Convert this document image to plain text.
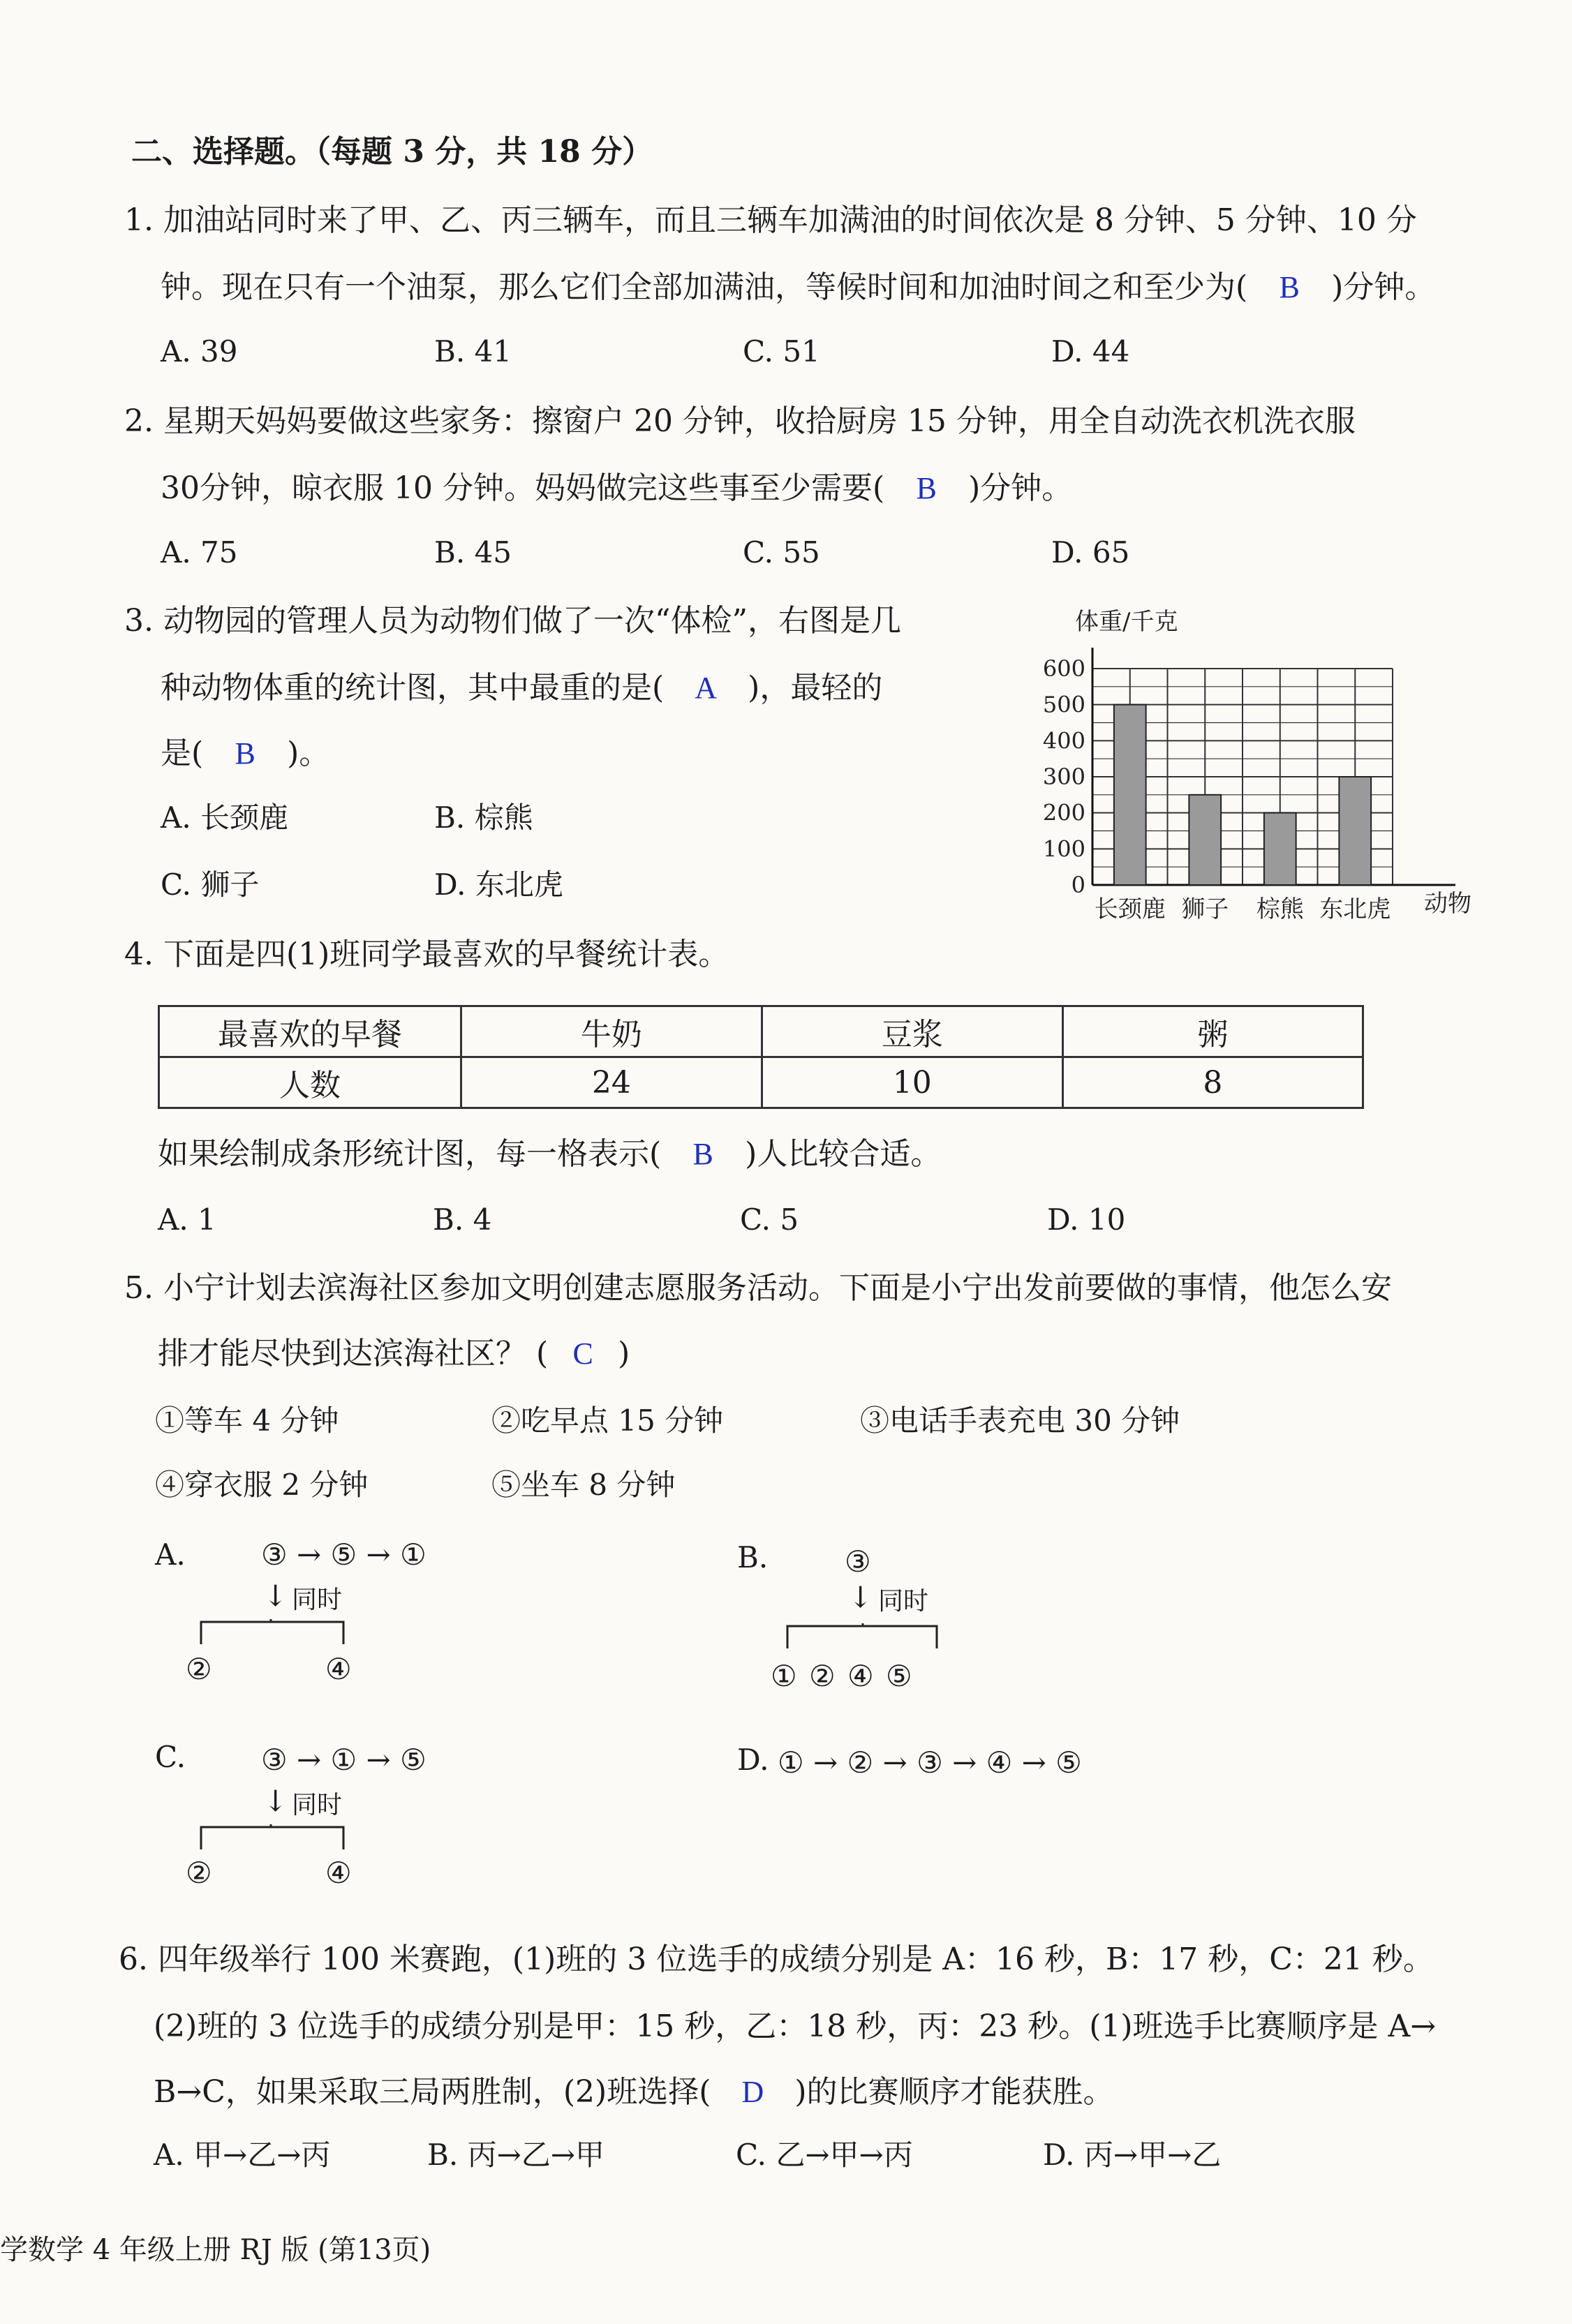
二、选择题。（每题 3 分，共 18 分）
1. 加油站同时来了甲、乙、丙三辆车，而且三辆车加满油的时间依次是 8 分钟、5 分钟、10 分
钟。现在只有一个油泵，那么它们全部加满油，等候时间和加油时间之和至少为( B )分钟。
A. 39	B. 41	C. 51	D. 44
2. 星期天妈妈要做这些家务：擦窗户 20 分钟，收拾厨房 15 分钟，用全自动洗衣机洗衣服
30分钟，晾衣服 10 分钟。妈妈做完这些事至少需要( B )分钟。
A. 75	B. 45	C. 55	D. 65
3. 动物园的管理人员为动物们做了一次“体检”，右图是几
种动物体重的统计图，其中最重的是( A )，最轻的
是( B )。
A. 长颈鹿	B. 棕熊
C. 狮子	D. 东北虎
体重/千克
0
100
200
300
400
500
600
长颈鹿 狮子 棕熊 东北虎 动物
4. 下面是四(1)班同学最喜欢的早餐统计表。
最喜欢的早餐	牛奶	豆浆	粥
人数	24	10	8
如果绘制成条形统计图，每一格表示( B )人比较合适。
A. 1	B. 4	C. 5	D. 10
5. 小宁计划去滨海社区参加文明创建志愿服务活动。下面是小宁出发前要做的事情，他怎么安
排才能尽快到达滨海社区？ ( C )
①等车 4 分钟	②吃早点 15 分钟	③电话手表充电 30 分钟
④穿衣服 2 分钟	⑤坐车 8 分钟
A.	③ → ⑤ → ①
↓ 同时
②	④
B.	③
↓ 同时
① ② ④ ⑤
C.	③ → ① → ⑤
↓ 同时
②	④
D. ① → ② → ③ → ④ → ⑤
6. 四年级举行 100 米赛跑，(1)班的 3 位选手的成绩分别是 A：16 秒，B：17 秒，C：21 秒。
(2)班的 3 位选手的成绩分别是甲：15 秒，乙：18 秒，丙：23 秒。(1)班选手比赛顺序是 A→
B→C，如果采取三局两胜制，(2)班选择( D )的比赛顺序才能获胜。
A. 甲→乙→丙	B. 丙→乙→甲	C. 乙→甲→丙	D. 丙→甲→乙
学数学 4 年级上册 RJ 版 (第13页)
